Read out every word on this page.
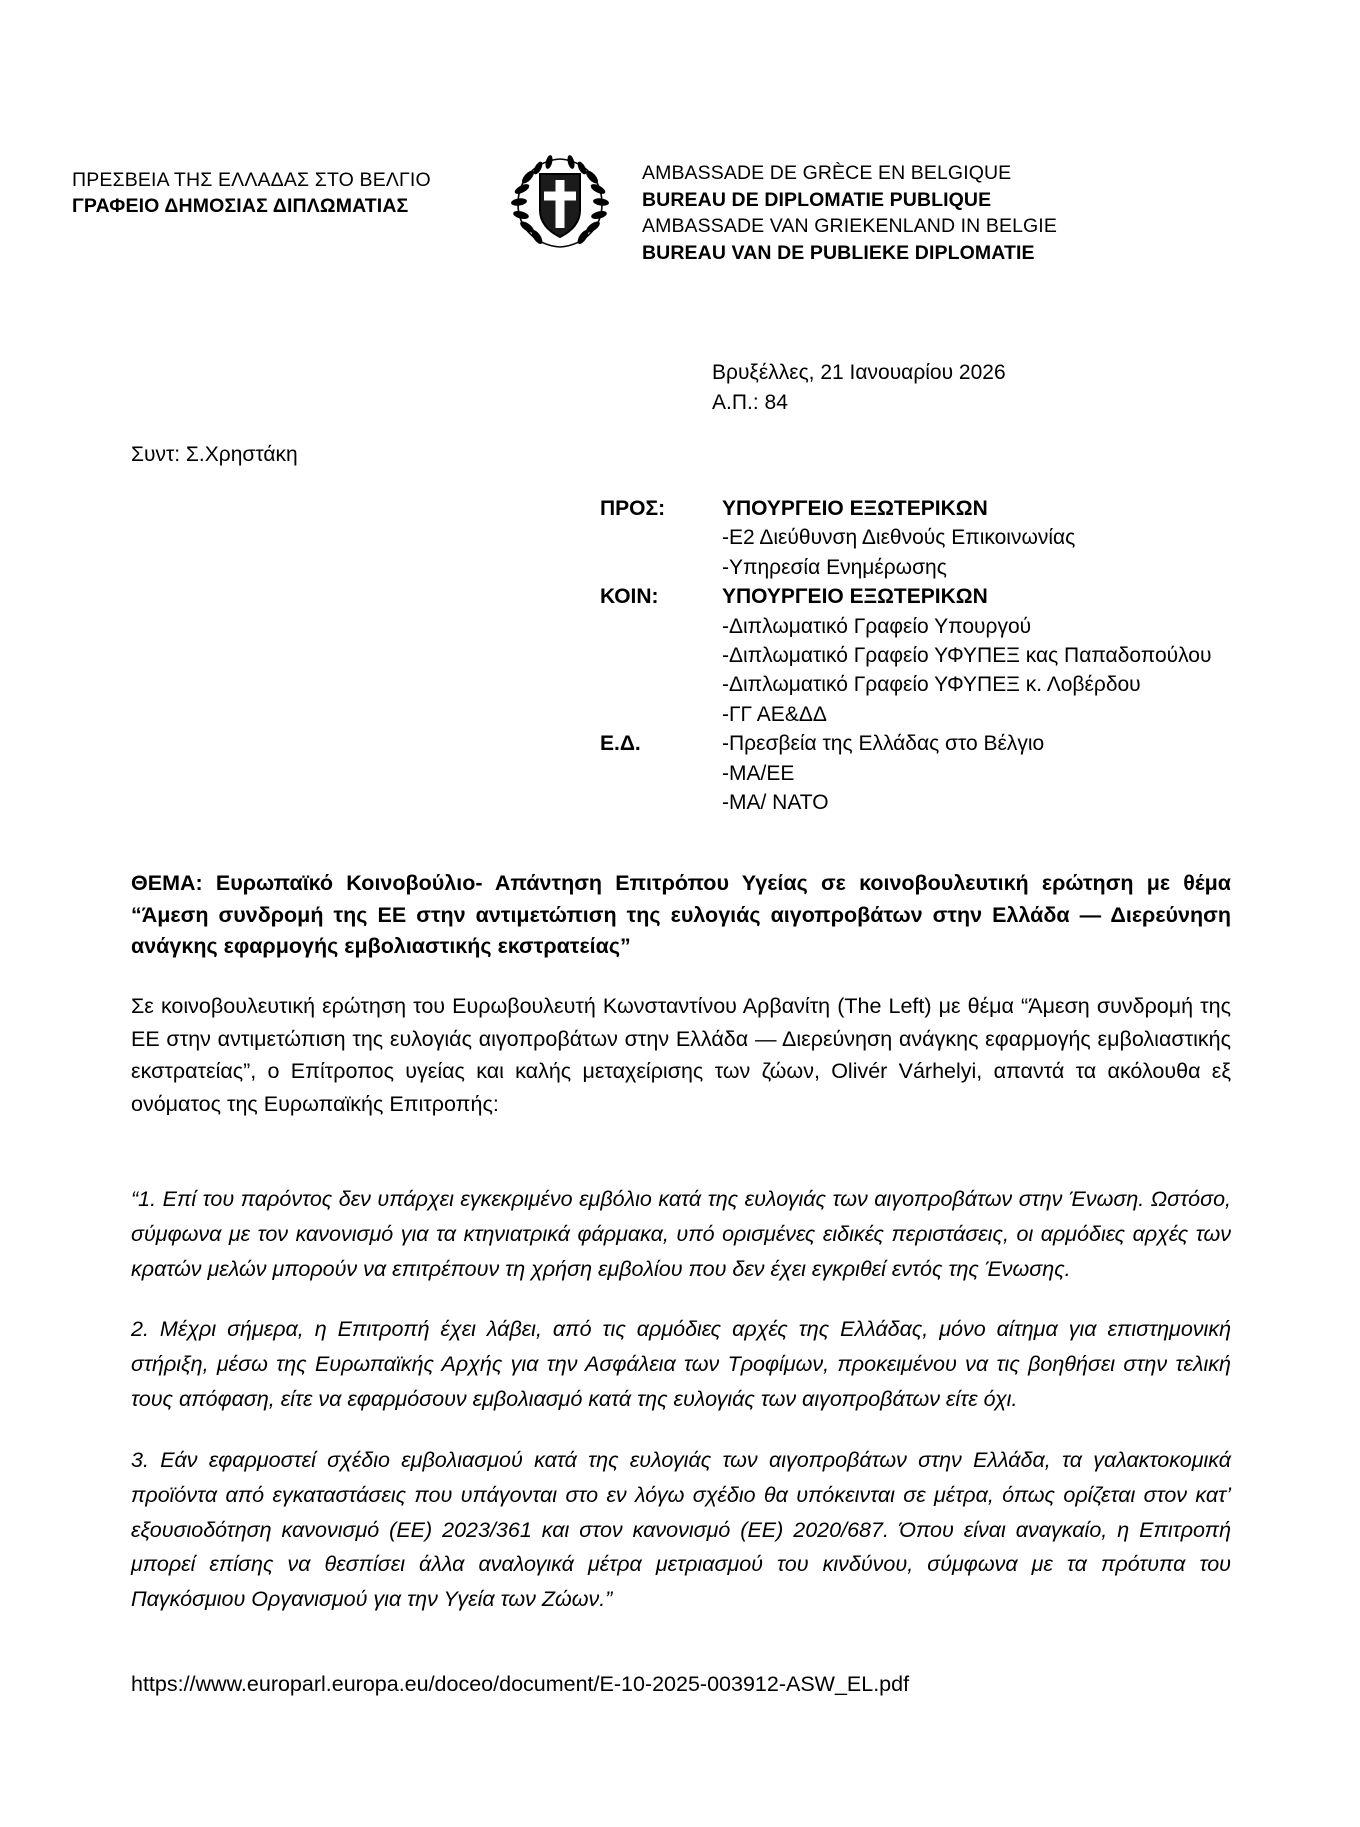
ΠΡΕΣΒΕΙΑ ΤΗΣ ΕΛΛΑΔΑΣ ΣΤΟ ΒΕΛΓΙΟ
ΓΡΑΦΕΙΟ ΔΗΜΟΣΙΑΣ ΔΙΠΛΩΜΑΤΙΑΣ
AMBASSADE DE GRÈCE EN BELGIQUE
BUREAU DE DIPLOMATIE PUBLIQUE
AMBASSADE VAN GRIEKENLAND IN BELGIE
BUREAU VAN DE PUBLIEKE DIPLOMATIE
Βρυξέλλες, 21 Ιανουαρίου 2026
Α.Π.: 84
Συντ: Σ.Χρηστάκη
ΠΡΟΣ:	ΥΠΟΥΡΓΕΙΟ ΕΞΩΤΕΡΙΚΩΝ
-Ε2 Διεύθυνση Διεθνούς Επικοινωνίας
-Υπηρεσία Ενημέρωσης
ΚΟΙΝ:	ΥΠΟΥΡΓΕΙΟ ΕΞΩΤΕΡΙΚΩΝ
-Διπλωματικό Γραφείο Υπουργού
-Διπλωματικό Γραφείο ΥΦΥΠΕΞ κας Παπαδοπούλου
-Διπλωματικό Γραφείο ΥΦΥΠΕΞ κ. Λοβέρδου
-ΓΓ ΑΕ&ΔΔ
Ε.Δ.	-Πρεσβεία της Ελλάδας στο Βέλγιο
-ΜΑ/ΕΕ
-ΜΑ/ NATO
ΘΕΜΑ: Ευρωπαϊκό Κοινοβούλιο- Απάντηση Επιτρόπου Υγείας σε κοινοβουλευτική ερώτηση με θέμα “Άμεση συνδρομή της ΕΕ στην αντιμετώπιση της ευλογιάς αιγοπροβάτων στην Ελλάδα — Διερεύνηση ανάγκης εφαρμογής εμβολιαστικής εκστρατείας”
Σε κοινοβουλευτική ερώτηση του Ευρωβουλευτή Κωνσταντίνου Αρβανίτη (The Left) με θέμα “Άμεση συνδρομή της ΕΕ στην αντιμετώπιση της ευλογιάς αιγοπροβάτων στην Ελλάδα — Διερεύνηση ανάγκης εφαρμογής εμβολιαστικής εκστρατείας”, ο Επίτροπος υγείας και καλής μεταχείρισης των ζώων, Olivér Várhelyi, απαντά τα ακόλουθα εξ ονόματος της Ευρωπαϊκής Επιτροπής:

“1. Επί του παρόντος δεν υπάρχει εγκεκριμένο εμβόλιο κατά της ευλογιάς των αιγοπροβάτων στην Ένωση. Ωστόσο, σύμφωνα με τον κανονισμό για τα κτηνιατρικά φάρμακα, υπό ορισμένες ειδικές περιστάσεις, οι αρμόδιες αρχές των κρατών μελών μπορούν να επιτρέπουν τη χρήση εμβολίου που δεν έχει εγκριθεί εντός της Ένωσης.

2. Μέχρι σήμερα, η Επιτροπή έχει λάβει, από τις αρμόδιες αρχές της Ελλάδας, μόνο αίτημα για επιστημονική στήριξη, μέσω της Ευρωπαϊκής Αρχής για την Ασφάλεια των Τροφίμων, προκειμένου να τις βοηθήσει στην τελική τους απόφαση, είτε να εφαρμόσουν εμβολιασμό κατά της ευλογιάς των αιγοπροβάτων είτε όχι.

3. Εάν εφαρμοστεί σχέδιο εμβολιασμού κατά της ευλογιάς των αιγοπροβάτων στην Ελλάδα, τα γαλακτοκομικά προϊόντα από εγκαταστάσεις που υπάγονται στο εν λόγω σχέδιο θα υπόκεινται σε μέτρα, όπως ορίζεται στον κατ’ εξουσιοδότηση κανονισμό (ΕΕ) 2023/361 και στον κανονισμό (ΕΕ) 2020/687. Όπου είναι αναγκαίο, η Επιτροπή μπορεί επίσης να θεσπίσει άλλα αναλογικά μέτρα μετριασμού του κινδύνου, σύμφωνα με τα πρότυπα του Παγκόσμιου Οργανισμού για την Υγεία των Ζώων.”

https://www.europarl.europa.eu/doceo/document/E-10-2025-003912-ASW_EL.pdf
